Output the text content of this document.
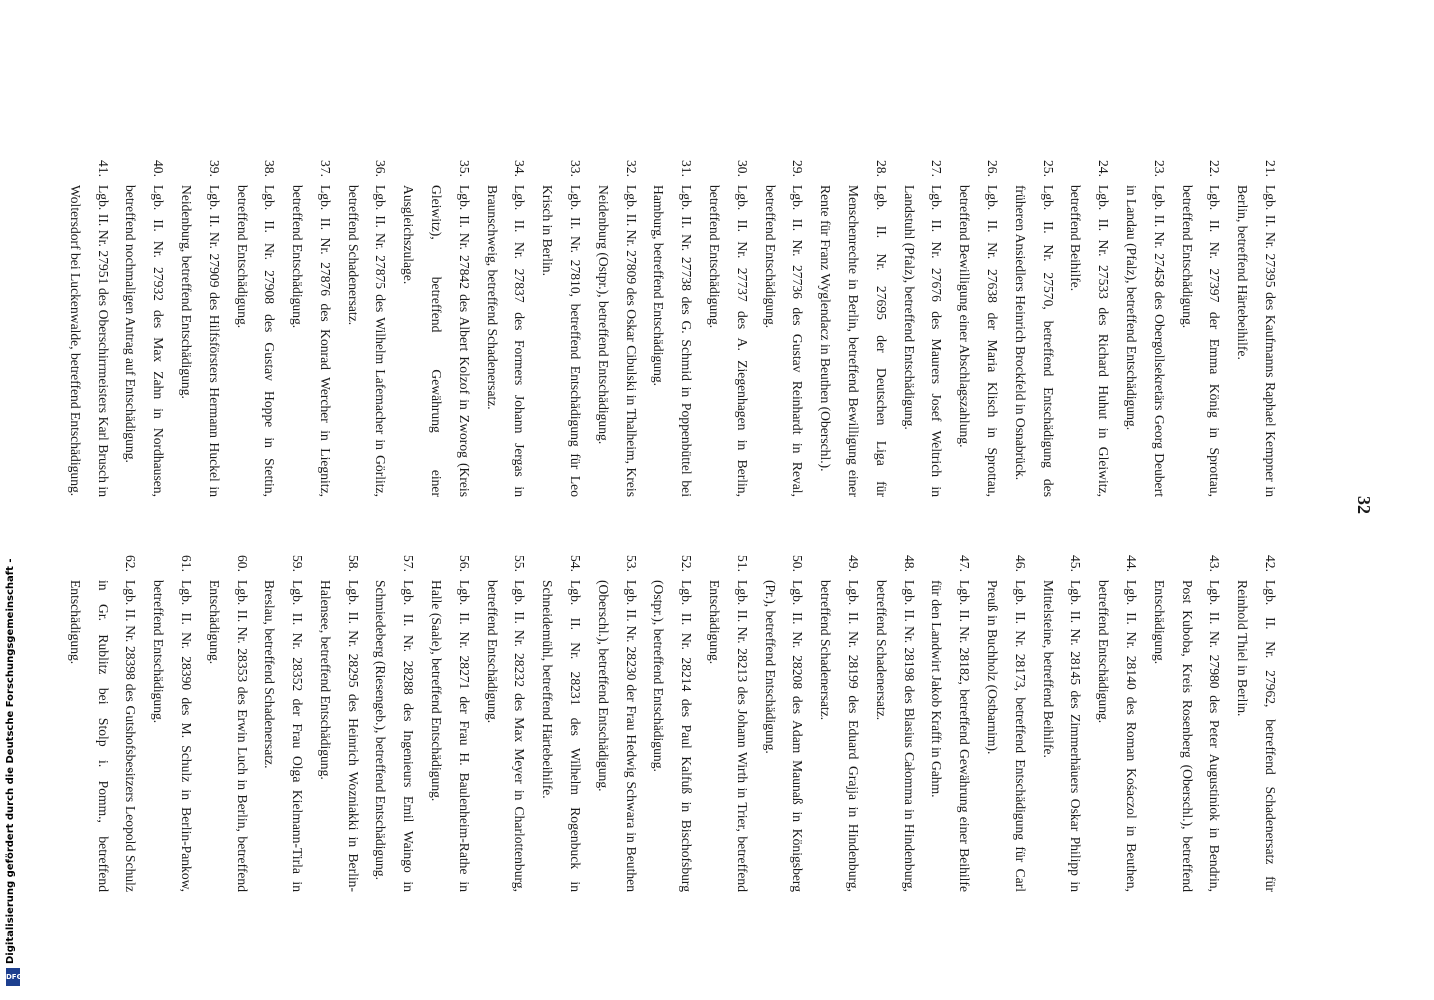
32
21.
Lgb. II. Nr. 27395 des Kaufmanns Raphael Kempner in Berlin, betreffend Härtebeihilfe.
22.
Lgb. II. Nr. 27397 der Emma König in Sprottau, betreffend Entschädigung.
23.
Lgb. II. Nr. 27458 des Obergollsekretärs Georg Deubert in Landau (Pfalz), betreffend Entschädigung.
24.
Lgb. II. Nr. 27533 des Richard Huhut in Gleiwitz, betreffend Beihilfe.
25.
Lgb. II. Nr. 27570, betreffend Entschädigung des früheren Ansiedlers Heinrich Brockfeld in Osnabrück.
26.
Lgb. II. Nr. 27638 der Maria Klisch in Sprottau, betreffend Bewilligung einer Abschlagszahlung.
27.
Lgb. II. Nr. 27676 des Maurers Josef Weltrich in Landstuhl (Pfalz), betreffend Entschädigung.
28.
Lgb. II. Nr. 27695 der Deutschen Liga für Menschenrechte in Berlin, betreffend Bewilligung einer Rente für Franz Wyglendacz in Beuthen (Oberschl.).
29.
Lgb. II. Nr. 27736 des Gustav Reinhardt in Reval, betreffend Entschädigung.
30.
Lgb. II. Nr. 27737 des A. Ziegenhagen in Berlin, betreffend Entschädigung.
31.
Lgb. II. Nr. 27738 des G. Schmid in Poppenbüttel bei Hamburg, betreffend Entschädigung.
32.
Lgb. II. Nr. 27809 des Oskar Cibulski in Thalheim, Kreis Neidenburg (Ostpr.), betreffend Entschädigung.
33.
Lgb. II. Nr. 27810, betreffend Entschädigung für Leo Krisch in Berlin.
34.
Lgb. II. Nr. 27837 des Formers Johann Jergas in Braunschweig, betreffend Schadenersatz.
35.
Lgb. II. Nr. 27842 des Albert Kolzof in Zworog (Kreis Gleiwitz), betreffend Gewährung einer Ausgleichszulage.
36.
Lgb. II. Nr. 27875 des Wilhelm Lafemacher in Görlitz, betreffend Schadenersatz.
37.
Lgb. II. Nr. 27876 des Konrad Wercher in Liegnitz, betreffend Entschädigung.
38.
Lgb. II. Nr. 27908 des Gustav Hoppe in Stettin, betreffend Entschädigung.
39.
Lgb. II. Nr. 27909 des Hilfsförsters Hermann Huckel in Neidenburg, betreffend Entschädigung.
40.
Lgb. II. Nr. 27932 des Max Zahn in Nordhausen, betreffend nochmaligen Antrag auf Entschädigung.
41.
Lgb. II. Nr. 27951 des Oberschirrmeisters Karl Brusch in Woltersdorf bei Luckenwalde, betreffend Entschädigung.
42.
Lgb. II. Nr. 27962, betreffend Schadenersatz für Reinhold Thiel in Berlin.
43.
Lgb. II. Nr. 27980 des Peter Augustiniok in Bendrin, Post Kuboba, Kreis Rosenberg (Oberschl.), betreffend Entschädigung.
44.
Lgb. II. Nr. 28140 des Roman Kośaczol in Beuthen, betreffend Entschädigung.
45.
Lgb. II. Nr. 28145 des Zimmerhäuers Oskar Philipp in Mittelsteine, betreffend Beihilfe.
46.
Lgb. II. Nr. 28173, betreffend Entschädigung für Carl Preuß in Buchholz (Ostbarnim).
47.
Lgb. II. Nr. 28182, betreffend Gewährung einer Beihilfe für den Landwirt Jakob Krafft in Gahm.
48.
Lgb. II. Nr. 28198 des Blasius Całomma in Hindenburg, betreffend Schadenersatz.
49.
Lgb. II. Nr. 28199 des Eduard Grajja in Hindenburg, betreffend Schadenersatz.
50.
Lgb. II. Nr. 28208 des Adam Maunaß in Königsberg (Pr.), betreffend Entschädigung.
51.
Lgb. II. Nr. 28213 des Johann Wirth in Trier, betreffend Entschädigung.
52.
Lgb. II. Nr. 28214 des Paul Kalfuß in Bischofsburg (Ostpr.), betreffend Entschädigung.
53.
Lgb. II. Nr. 28230 der Frau Hedwig Schwara in Beuthen (Oberschl.), betreffend Entschädigung.
54.
Lgb. II. Nr. 28231 des Wilhelm Rogenbuck in Schneidemühl, betreffend Härtebeihilfe.
55.
Lgb. II. Nr. 28232 des Max Meyer in Charlottenburg, betreffend Entschädigung.
56.
Lgb. II. Nr. 28271 der Frau H. Baulenheim-Rathe in Halle (Saale), betreffend Entschädigung.
57.
Lgb. II. Nr. 28288 des Ingenieurs Emil Waingo in Schmiedeberg (Riesengeb.), betreffend Entschädigung.
58.
Lgb. II. Nr. 28295 des Heinrich Wozniakki in Berlin-Halensee, betreffend Entschädigung.
59.
Lgb. II. Nr. 28352 der Frau Olga Kielmann-Tirla in Breslau, betreffend Schadenersatz.
60.
Lgb. II. Nr. 28353 des Erwin Luch in Berlin, betreffend Entschädigung.
61.
Lgb. II. Nr. 28390 des M. Schulz in Berlin-Pankow, betreffend Entschädigung.
62.
Lgb. II. Nr. 28398 des Gutshofsbesitzers Leopold Schulz in Gr. Rublitz bei Stolp i. Pomm., betreffend Entschädigung.
Digitalisierung gefördert durch die Deutsche Forschungsgemeinschaft -
DFG
